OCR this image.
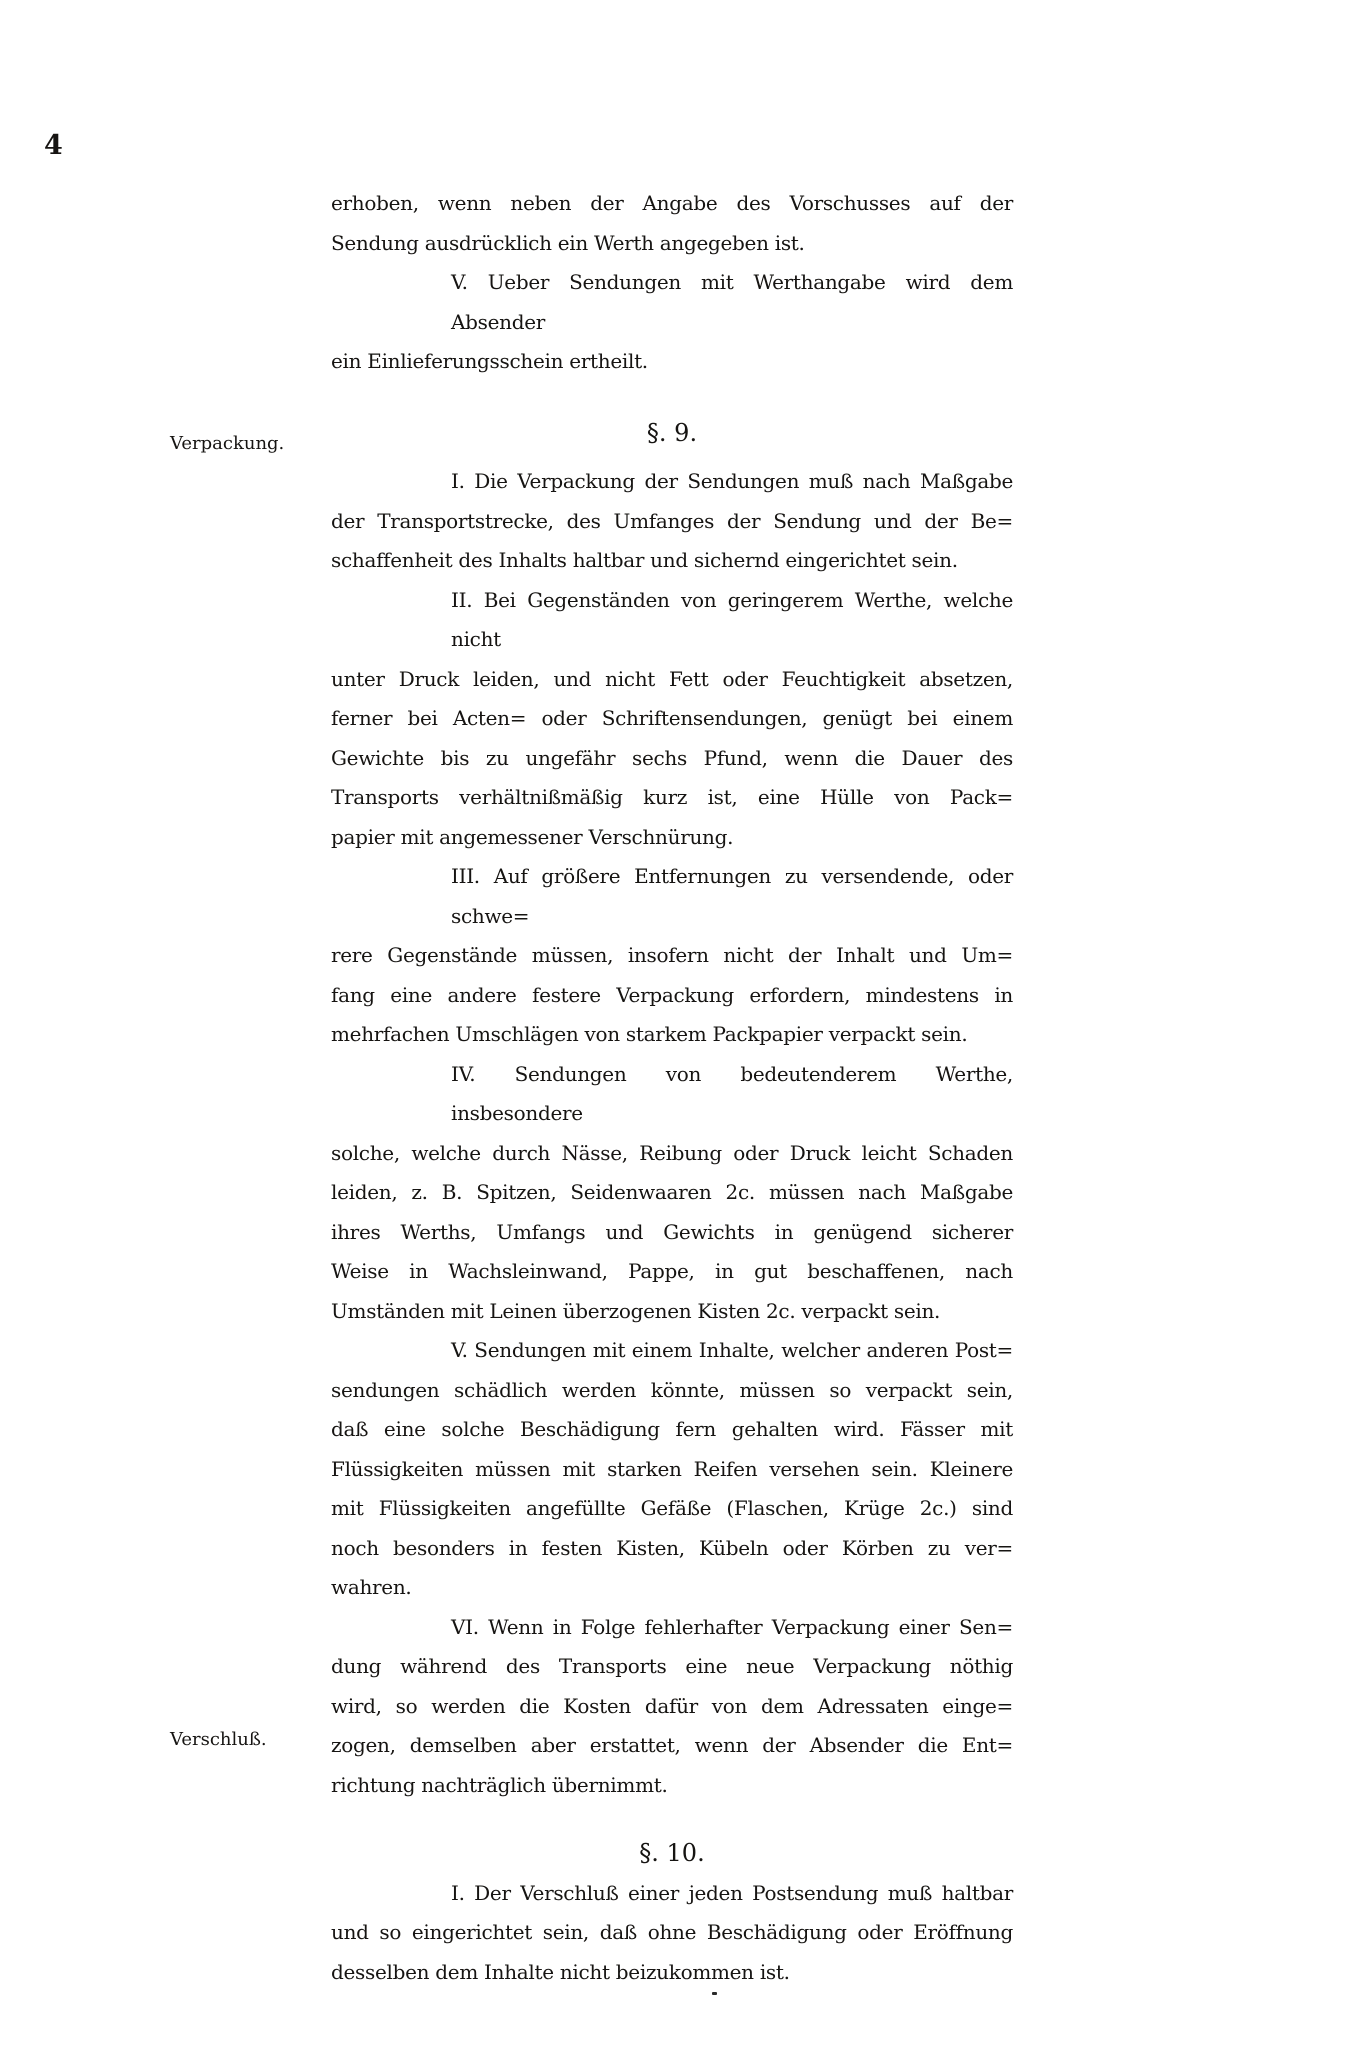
4
Verpackung.
Verschluß.
erhoben, wenn neben der Angabe des Vorschusses auf der
Sendung ausdrücklich ein Werth angegeben ist.
V. Ueber Sendungen mit Werthangabe wird dem Absender
ein Einlieferungsschein ertheilt.
§. 9.
I. Die Verpackung der Sendungen muß nach Maßgabe
der Transportstrecke, des Umfanges der Sendung und der Be=
schaffenheit des Inhalts haltbar und sichernd eingerichtet sein.
II. Bei Gegenständen von geringerem Werthe, welche nicht
unter Druck leiden, und nicht Fett oder Feuchtigkeit absetzen,
ferner bei Acten= oder Schriftensendungen, genügt bei einem
Gewichte bis zu ungefähr sechs Pfund, wenn die Dauer des
Transports verhältnißmäßig kurz ist, eine Hülle von Pack=
papier mit angemessener Verschnürung.
III. Auf größere Entfernungen zu versendende, oder schwe=
rere Gegenstände müssen, insofern nicht der Inhalt und Um=
fang eine andere festere Verpackung erfordern, mindestens in
mehrfachen Umschlägen von starkem Packpapier verpackt sein.
IV. Sendungen von bedeutenderem Werthe, insbesondere
solche, welche durch Nässe, Reibung oder Druck leicht Schaden
leiden, z. B. Spitzen, Seidenwaaren 2c. müssen nach Maßgabe
ihres Werths, Umfangs und Gewichts in genügend sicherer
Weise in Wachsleinwand, Pappe, in gut beschaffenen, nach
Umständen mit Leinen überzogenen Kisten 2c. verpackt sein.
V. Sendungen mit einem Inhalte, welcher anderen Post=
sendungen schädlich werden könnte, müssen so verpackt sein,
daß eine solche Beschädigung fern gehalten wird. Fässer mit
Flüssigkeiten müssen mit starken Reifen versehen sein. Kleinere
mit Flüssigkeiten angefüllte Gefäße (Flaschen, Krüge 2c.) sind
noch besonders in festen Kisten, Kübeln oder Körben zu ver=
wahren.
VI. Wenn in Folge fehlerhafter Verpackung einer Sen=
dung während des Transports eine neue Verpackung nöthig
wird, so werden die Kosten dafür von dem Adressaten einge=
zogen, demselben aber erstattet, wenn der Absender die Ent=
richtung nachträglich übernimmt.
§. 10.
I. Der Verschluß einer jeden Postsendung muß haltbar
und so eingerichtet sein, daß ohne Beschädigung oder Eröffnung
desselben dem Inhalte nicht beizukommen ist.
